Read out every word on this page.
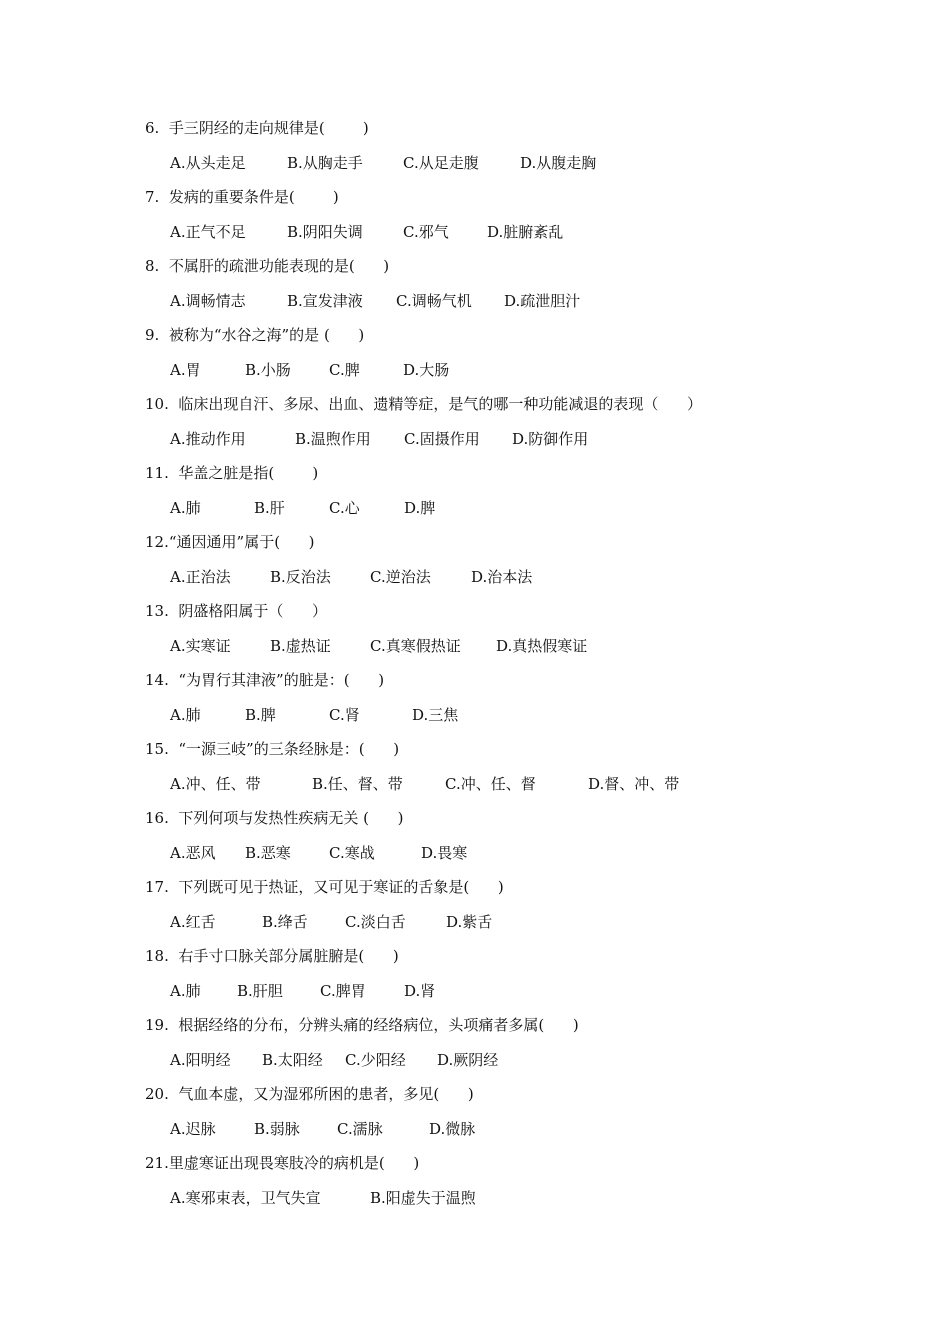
6.  手三阴经的走向规律是(        )
A.从头走足	B.从胸走手	C.从足走腹	D.从腹走胸
7.  发病的重要条件是(        )
A.正气不足	B.阴阳失调	C.邪气	D.脏腑紊乱
8.  不属肝的疏泄功能表现的是(      )
A.调畅情志	B.宣发津液 C.调畅气机 D.疏泄胆汁
9.  被称为“水谷之海”的是 (      )
A.胃	B.小肠	C.脾	D.大肠
10.  临床出现自汗、多尿、出血、遗精等症，是气的哪一种功能减退的表现（      ）
A.推动作用	B.温煦作用 C.固摄作用 D.防御作用
11.  华盖之脏是指(        )
A.肺	B.肝	C.心	D.脾
12.“通因通用”属于(      )
A.正治法	B.反治法	C.逆治法	D.治本法
13.  阴盛格阳属于（      ）
A.实寒证	B.虚热证	C.真寒假热证 D.真热假寒证
14.  “为胃行其津液”的脏是：(      )
A.肺	B.脾	C.肾	D.三焦
15.  “一源三岐”的三条经脉是：(      )
A.冲、任、带	B.任、督、带	C.冲、任、督	D.督、冲、带
16.  下列何项与发热性疾病无关 (      )
A.恶风 B.恶寒	C.寒战	D.畏寒
17.  下列既可见于热证，又可见于寒证的舌象是(      )
A.红舌	B.绛舌 C.淡白舌	D.紫舌
18.  右手寸口脉关部分属脏腑是(      )
A.肺 B.肝胆 C.脾胃	D.肾
19.  根据经络的分布，分辨头痛的经络病位，头项痛者多属(      )
A.阳明经 B.太阳经 C.少阳经 D.厥阴经
20.  气血本虚，又为湿邪所困的患者，多见(      )
A.迟脉	B.弱脉 C.濡脉	D.微脉
21.里虚寒证出现畏寒肢冷的病机是(      )
A.寒邪束表，卫气失宣	B.阳虚失于温煦
